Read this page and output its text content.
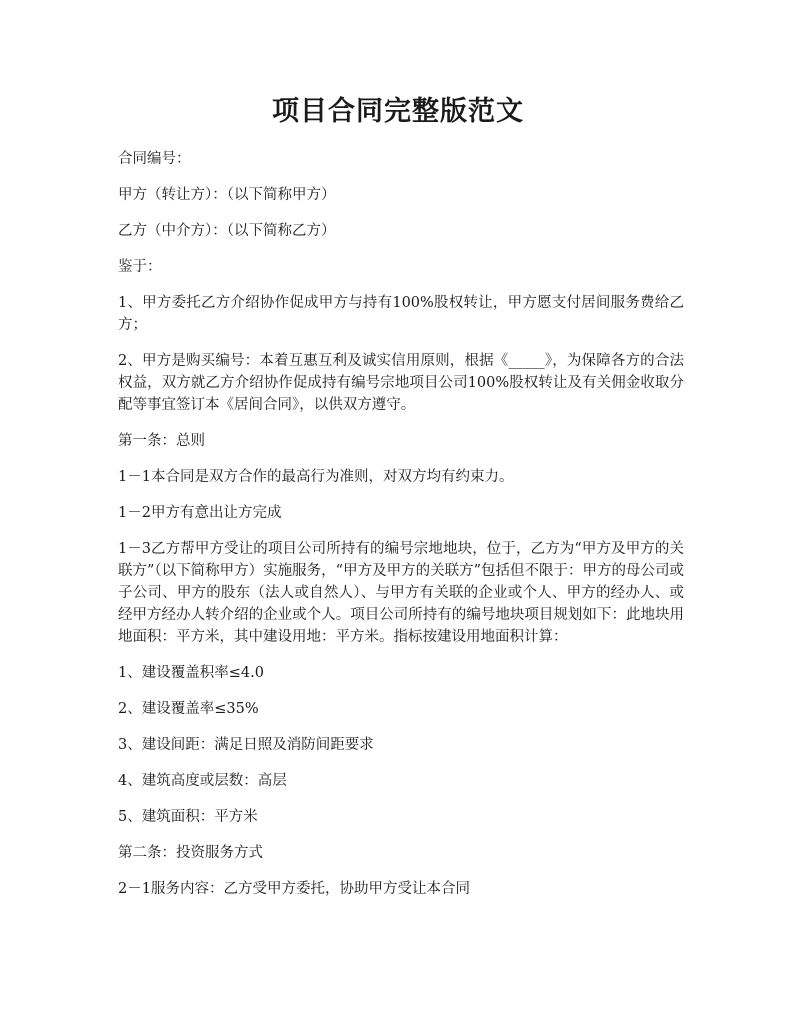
项目合同完整版范文

合同编号：

甲方（转让方）：（以下简称甲方）

乙方（中介方）：（以下简称乙方）

鉴于：

1、甲方委托乙方介绍协作促成甲方与持有100%股权转让，甲方愿支付居间服务费给乙方；

2、甲方是购买编号：本着互惠互利及诚实信用原则，根据《_____》，为保障各方的合法权益，双方就乙方介绍协作促成持有编号宗地项目公司100%股权转让及有关佣金收取分配等事宜签订本《居间合同》，以供双方遵守。

第一条：总则

1－1本合同是双方合作的最高行为准则，对双方均有约束力。

1－2甲方有意出让方完成

1－3乙方帮甲方受让的项目公司所持有的编号宗地地块，位于，乙方为“甲方及甲方的关联方”（以下简称甲方）实施服务，“甲方及甲方的关联方”包括但不限于：甲方的母公司或子公司、甲方的股东（法人或自然人）、与甲方有关联的企业或个人、甲方的经办人、或经甲方经办人转介绍的企业或个人。项目公司所持有的编号地块项目规划如下：此地块用地面积：平方米，其中建设用地：平方米。指标按建设用地面积计算：

1、建设覆盖积率≤4.0

2、建设覆盖率≤35%

3、建设间距：满足日照及消防间距要求

4、建筑高度或层数：高层

5、建筑面积：平方米

第二条：投资服务方式

2－1服务内容：乙方受甲方委托，协助甲方受让本合同
